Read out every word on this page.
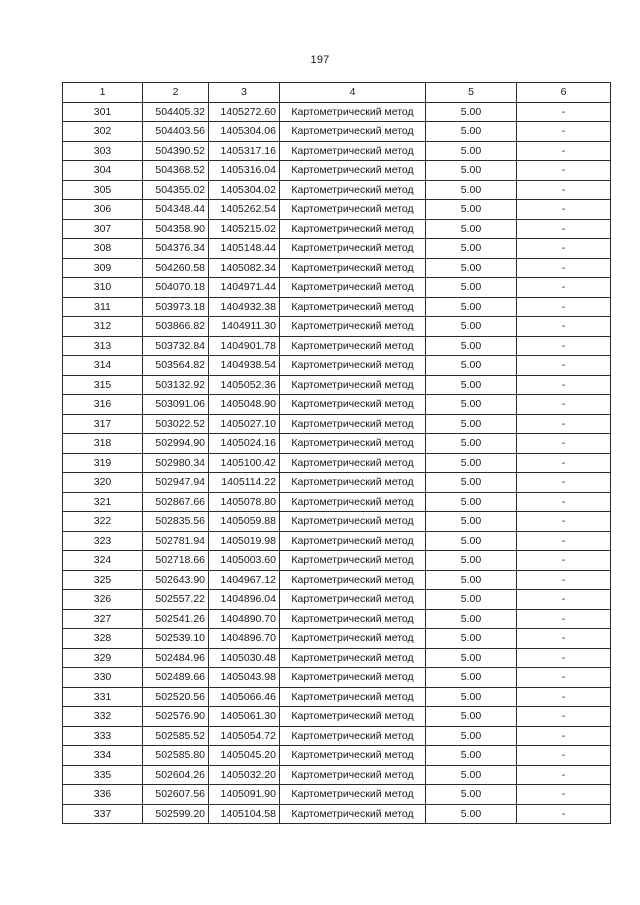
197
1	2	3	4	5	6
301	504405.32	1405272.60	Картометрический метод	5.00	-
302	504403.56	1405304.06	Картометрический метод	5.00	-
303	504390.52	1405317.16	Картометрический метод	5.00	-
304	504368.52	1405316.04	Картометрический метод	5.00	-
305	504355.02	1405304.02	Картометрический метод	5.00	-
306	504348.44	1405262.54	Картометрический метод	5.00	-
307	504358.90	1405215.02	Картометрический метод	5.00	-
308	504376.34	1405148.44	Картометрический метод	5.00	-
309	504260.58	1405082.34	Картометрический метод	5.00	-
310	504070.18	1404971.44	Картометрический метод	5.00	-
311	503973.18	1404932.38	Картометрический метод	5.00	-
312	503866.82	1404911.30	Картометрический метод	5.00	-
313	503732.84	1404901.78	Картометрический метод	5.00	-
314	503564.82	1404938.54	Картометрический метод	5.00	-
315	503132.92	1405052.36	Картометрический метод	5.00	-
316	503091.06	1405048.90	Картометрический метод	5.00	-
317	503022.52	1405027.10	Картометрический метод	5.00	-
318	502994.90	1405024.16	Картометрический метод	5.00	-
319	502980.34	1405100.42	Картометрический метод	5.00	-
320	502947.94	1405114.22	Картометрический метод	5.00	-
321	502867.66	1405078.80	Картометрический метод	5.00	-
322	502835.56	1405059.88	Картометрический метод	5.00	-
323	502781.94	1405019.98	Картометрический метод	5.00	-
324	502718.66	1405003.60	Картометрический метод	5.00	-
325	502643.90	1404967.12	Картометрический метод	5.00	-
326	502557.22	1404896.04	Картометрический метод	5.00	-
327	502541.26	1404890.70	Картометрический метод	5.00	-
328	502539.10	1404896.70	Картометрический метод	5.00	-
329	502484.96	1405030.48	Картометрический метод	5.00	-
330	502489.66	1405043.98	Картометрический метод	5.00	-
331	502520.56	1405066.46	Картометрический метод	5.00	-
332	502576.90	1405061.30	Картометрический метод	5.00	-
333	502585.52	1405054.72	Картометрический метод	5.00	-
334	502585.80	1405045.20	Картометрический метод	5.00	-
335	502604.26	1405032.20	Картометрический метод	5.00	-
336	502607.56	1405091.90	Картометрический метод	5.00	-
337	502599.20	1405104.58	Картометрический метод	5.00	-
